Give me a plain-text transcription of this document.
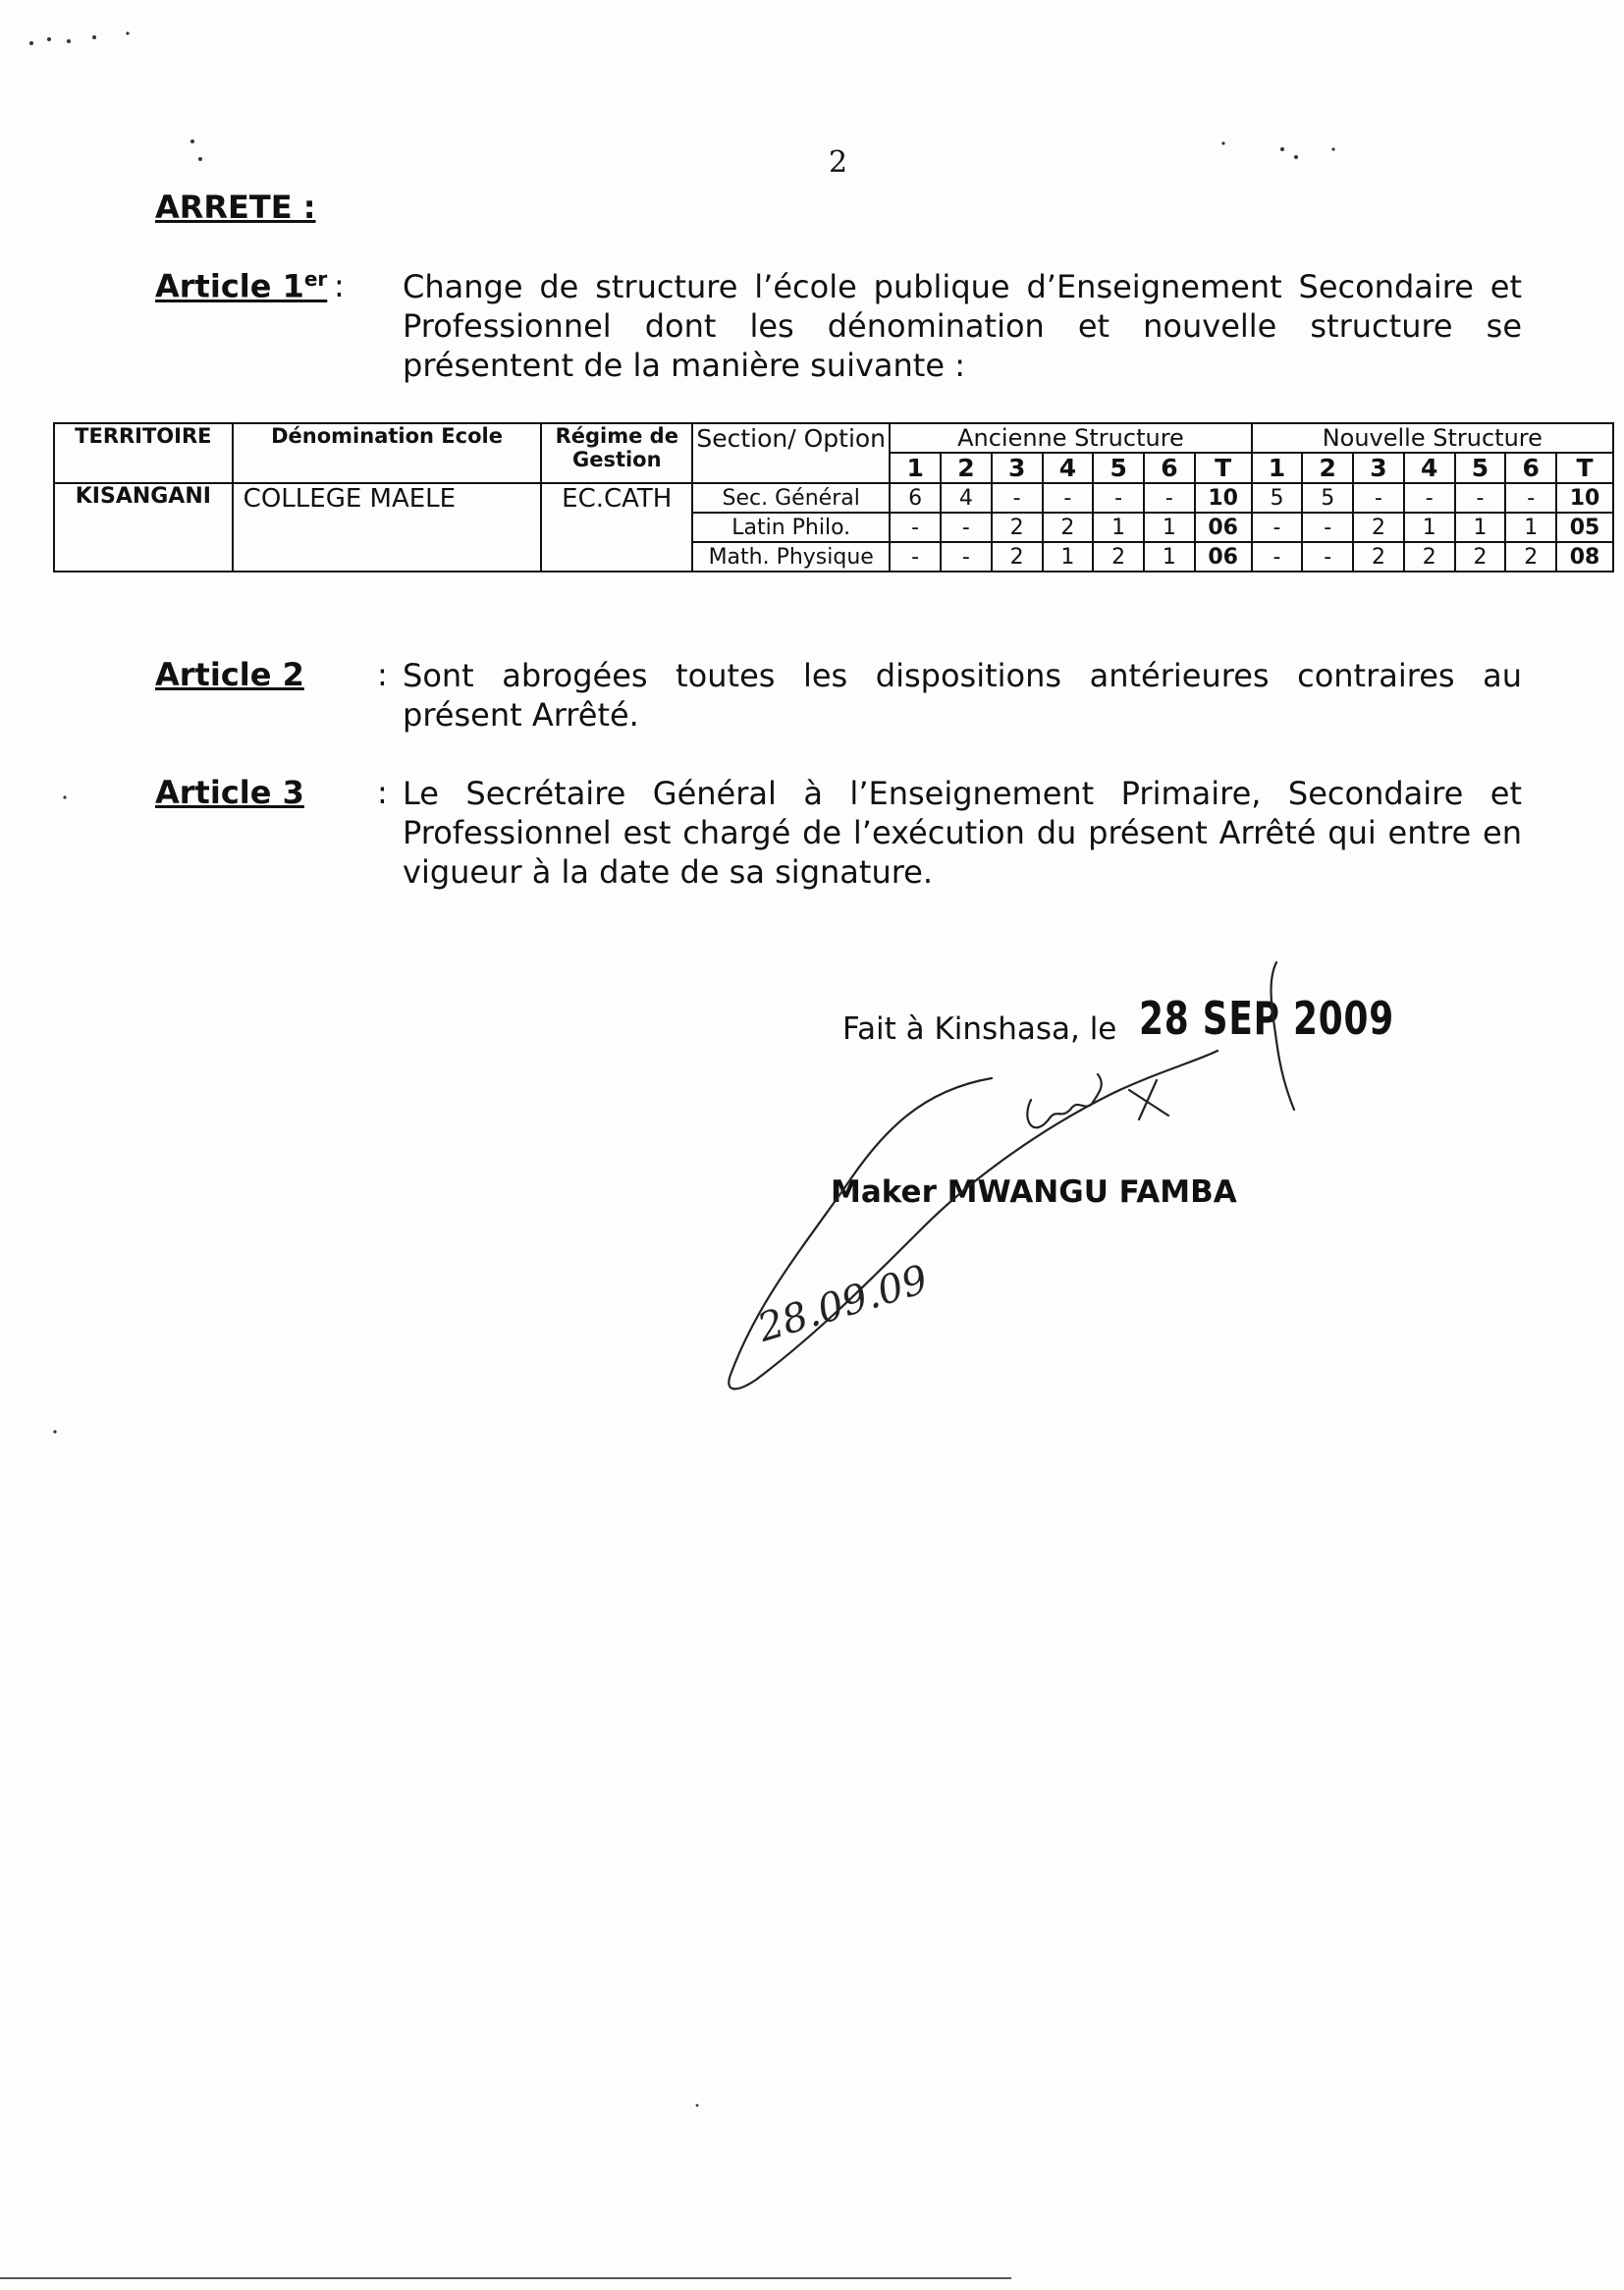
2
ARRETE :
Article 1er : Change de structure l’école publique d’Enseignement Secondaire et Professionnel dont les dénomination et nouvelle structure se présentent de la manière suivante :
TERRITOIRE	Dénomination Ecole	Régime de Gestion	Section/ Option	Ancienne Structure							Nouvelle Structure						
				1	2	3	4	5	6	T	1	2	3	4	5	6	T
KISANGANI	COLLEGE MAELE	EC.CATH	Sec. Général	6	4	-	-	-	-	10	5	5	-	-	-	-	10
			Latin Philo.	-	-	2	2	1	1	06	-	-	2	1	1	1	05
			Math. Physique	-	-	2	1	2	1	06	-	-	2	2	2	2	08
Article 2 : Sont abrogées toutes les dispositions antérieures contraires au présent Arrêté.
Article 3 : Le Secrétaire Général à l’Enseignement Primaire, Secondaire et Professionnel est chargé de l’exécution du présent Arrêté qui entre en vigueur à la date de sa signature.
Fait à Kinshasa, le 28 SEP 2009
Maker MWANGU FAMBA
28.09.09
